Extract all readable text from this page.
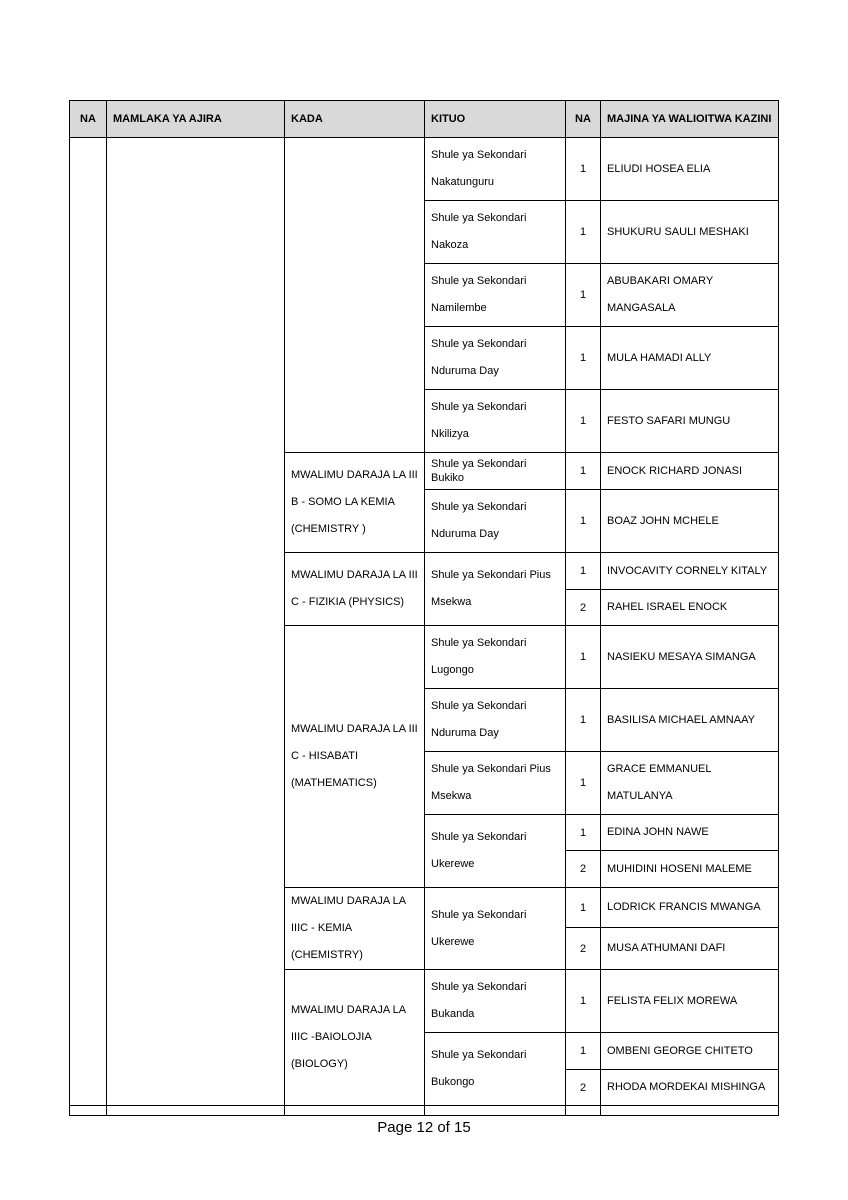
NA	MAMLAKA YA AJIRA	KADA	KITUO	NA	MAJINA YA WALIOITWA KAZINI
			Shule ya Sekondari Nakatunguru	1	ELIUDI HOSEA ELIA
			Shule ya Sekondari Nakoza	1	SHUKURU SAULI MESHAKI
			Shule ya Sekondari Namilembe	1	ABUBAKARI OMARY MANGASALA
			Shule ya Sekondari Nduruma Day	1	MULA HAMADI ALLY
			Shule ya Sekondari Nkilizya	1	FESTO SAFARI MUNGU
		MWALIMU DARAJA LA III B - SOMO LA KEMIA (CHEMISTRY )	Shule ya Sekondari Bukiko	1	ENOCK RICHARD JONASI
			Shule ya Sekondari Nduruma Day	1	BOAZ JOHN MCHELE
		MWALIMU DARAJA LA III C - FIZIKIA (PHYSICS)	Shule ya Sekondari Pius Msekwa	1	INVOCAVITY CORNELY KITALY
				2	RAHEL ISRAEL ENOCK
		MWALIMU DARAJA LA III C - HISABATI (MATHEMATICS)	Shule ya Sekondari Lugongo	1	NASIEKU MESAYA SIMANGA
			Shule ya Sekondari Nduruma Day	1	BASILISA MICHAEL AMNAAY
			Shule ya Sekondari Pius Msekwa	1	GRACE EMMANUEL MATULANYA
			Shule ya Sekondari Ukerewe	1	EDINA JOHN NAWE
				2	MUHIDINI HOSENI MALEME
		MWALIMU DARAJA LA IIIC - KEMIA (CHEMISTRY)	Shule ya Sekondari Ukerewe	1	LODRICK FRANCIS MWANGA
				2	MUSA ATHUMANI DAFI
		MWALIMU DARAJA LA IIIC -BAIOLOJIA (BIOLOGY)	Shule ya Sekondari Bukanda	1	FELISTA FELIX MOREWA
			Shule ya Sekondari Bukongo	1	OMBENI GEORGE CHITETO
				2	RHODA MORDEKAI MISHINGA

Page 12 of 15
